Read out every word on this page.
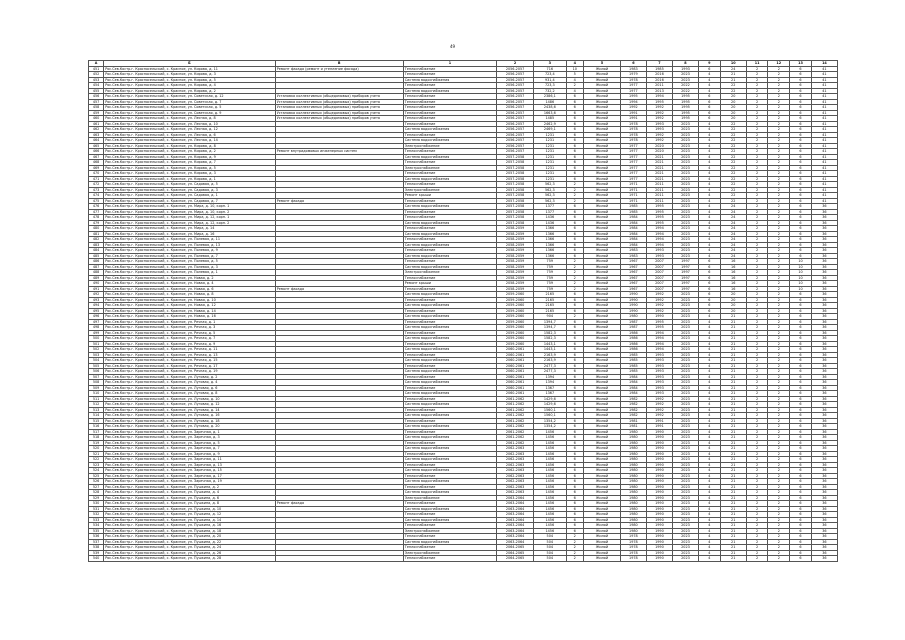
49
А	Б	В	1	2	3	4	5	6	7	8	9	10	11	12	13	14
451	Рос.Сев.Костр.г. Красносельский, с. Красное, ул. Кирова, д. 11	Ремонт фасада (ремонт и утепление фасада)	Теплоснабжение	2056-2057	716	10	Жилой	1983	1985	1993	6	24	2	2	6	41
452	Рос.Сев.Костр.г. Красносельский, с. Красное, ул. Кирова, д. 3		Теплоснабжение	2056-2057	723,4	5	Жилой	1979	2016	2023	4	21	2	2	6	41
453	Рос.Сев.Костр.г. Красносельский, с. Красное, ул. Кирова, д. 5		Система водоснабжения	2056-2057	931,4	4	Жилой	1978	2016	2023	4	21	2	2	6	41
454	Рос.Сев.Костр.г. Красносельский, с. Красное, ул. Кирова, д. 4		Теплоснабжение	2056-2057	723,3	2	Жилой	1977	2011	2022	4	22	2	2	6	41
455	Рос.Сев.Костр.г. Красносельский, с. Красное, ул. Кирова, д. 2		Система водоснабжения	2056-2057	732,2	4	Жилой	1977	2013	2022	4	22	2	2	6	41
456	Рос.Сев.Костр.г. Красносельский, с. Красное, ул. Советская, д. 12	Установка коллективных (общедомовых) приборов учета	Теплоснабжение	2056-2057	2386,1	6	Жилой	1995	1994	1995	6	20	2	2	6	41
457	Рос.Сев.Костр.г. Красносельский, с. Красное, ул. Советская, д. 7	Установка коллективных (общедомовых) приборов учета	Теплоснабжение	2056-2057	1486	6	Жилой	1994	1995	1995	6	20	2	2	6	41
458	Рос.Сев.Костр.г. Красносельский, с. Красное, ул. Советская, д. 5	Установка коллективных (общедомовых) приборов учета	Теплоснабжение	2056-2057	2438,6	6	Жилой	1992	1992	1995	6	20	2	2	6	41
459	Рос.Сев.Костр.г. Красносельский, с. Красное, ул. Советская, д. 9	Установка коллективных (общедомовых) приборов учета	Теплоснабжение	2056-2057	1663,6	6	Жилой	1991	1992	1995	6	20	2	2	6	41
460	Рос.Сев.Костр.г. Красносельский, с. Красное, ул. Лесная, д. 8	Установка коллективных (общедомовых) приборов учета	Теплоснабжение	2056-2057	1485	6	Жилой	1991	1992	1995	6	20	2	2	6	41
461	Рос.Сев.Костр.г. Красносельский, с. Красное, ул. Лесная, д. 10		Теплоснабжение	2056-2057	2462,9	6	Жилой	1978	1993	2023	4	22	2	2	6	41
462	Рос.Сев.Костр.г. Красносельский, с. Красное, ул. Лесная, д. 12		Система водоснабжения	2056-2057	2469,1	6	Жилой	1978	1993	2023	4	22	2	2	6	41
463	Рос.Сев.Костр.г. Красносельский, с. Красное, ул. Лесная, д. 6		Теплоснабжение	2056-2057	1231	6	Жилой	1978	1992	2023	4	22	2	2	6	41
464	Рос.Сев.Костр.г. Красносельский, с. Красное, ул. Лесная, д. 14		Система водоснабжения	2056-2057	1231	6	Жилой	1978	1992	2023	4	22	2	2	6	41
465	Рос.Сев.Костр.г. Красносельский, с. Красное, ул. Кирова, д. 8		Электроснабжение	2056-2057	1231	6	Жилой	1977	2020	2023	4	22	2	2	6	41
466	Рос.Сев.Костр.г. Красносельский, с. Красное, ул. Кирова, д. 2	Ремонт внутридомовых инженерных систем	Теплоснабжение	2056-2057	1231	6	Жилой	1977	2020	2023	4	22	2	2	6	41
467	Рос.Сев.Костр.г. Красносельский, с. Красное, ул. Кирова, д. 9		Система водоснабжения	2057-2058	1231	6	Жилой	1977	2021	2023	4	22	2	2	6	41
468	Рос.Сев.Костр.г. Красносельский, с. Красное, ул. Кирова, д. 7		Теплоснабжение	2057-2058	1231	6	Жилой	1977	2021	2023	4	22	2	2	6	41
469	Рос.Сев.Костр.г. Красносельский, с. Красное, ул. Кирова, д. 5		Электроснабжение	2057-2058	1231	6	Жилой	1977	2021	2023	4	22	2	2	6	41
470	Рос.Сев.Костр.г. Красносельский, с. Красное, ул. Кирова, д. 3		Теплоснабжение	2057-2058	1231	6	Жилой	1977	2021	2023	4	22	2	2	6	41
471	Рос.Сев.Костр.г. Красносельский, с. Красное, ул. Кирова, д. 1		Система водоснабжения	2057-2058	1231	6	Жилой	1977	2021	2023	4	22	2	2	6	41
472	Рос.Сев.Костр.г. Красносельский, с. Красное, ул. Садовая, д. 5		Теплоснабжение	2057-2058	562,3	2	Жилой	1971	2011	2023	4	22	2	2	6	41
473	Рос.Сев.Костр.г. Красносельский, с. Красное, ул. Садовая, д. 3		Электроснабжение	2057-2058	562,3	2	Жилой	1971	2011	2023	4	22	2	2	6	41
474	Рос.Сев.Костр.г. Красносельский, с. Красное, ул. Садовая, д. 1		Ремонт крыши	2057-2058	562,3	2	Жилой	1971	2011	2023	4	22	2	2	6	41
475	Рос.Сев.Костр.г. Красносельский, с. Красное, ул. Садовая, д. 7	Ремонт фасада	Теплоснабжение	2057-2058	562,3	2	Жилой	1971	2011	2023	4	22	2	2	6	41
476	Рос.Сев.Костр.г. Красносельский, с. Красное, ул. Мира, д. 10, корп. 1		Система водоснабжения	2057-2058	1377	6	Жилой	1985	1995	2023	4	24	2	2	6	36
477	Рос.Сев.Костр.г. Красносельский, с. Красное, ул. Мира, д. 10, корп. 2		Теплоснабжение	2057-2058	1377	6	Жилой	1985	1995	2023	4	24	2	2	6	36
478	Рос.Сев.Костр.г. Красносельский, с. Красное, ул. Мира, д. 12, корп. 1		Теплоснабжение	2057-2058	1436	6	Жилой	1984	1995	2023	4	24	2	2	6	36
479	Рос.Сев.Костр.г. Красносельский, с. Красное, ул. Мира, д. 12, корп. 2		Система водоснабжения	2057-2058	1436	6	Жилой	1984	1995	2023	4	24	2	2	6	36
480	Рос.Сев.Костр.г. Красносельский, с. Красное, ул. Мира, д. 14		Теплоснабжение	2058-2059	1366	6	Жилой	1984	1994	2023	4	24	2	2	6	36
481	Рос.Сев.Костр.г. Красносельский, с. Красное, ул. Мира, д. 16		Система водоснабжения	2058-2059	1366	6	Жилой	1984	1994	2023	4	24	2	2	6	36
482	Рос.Сев.Костр.г. Красносельский, с. Красное, ул. Полевая, д. 11		Теплоснабжение	2058-2059	1366	6	Жилой	1984	1994	2023	4	24	2	2	6	36
483	Рос.Сев.Костр.г. Красносельский, с. Красное, ул. Полевая, д. 13		Система водоснабжения	2058-2059	1366	6	Жилой	1984	1994	2023	4	24	2	2	6	36
484	Рос.Сев.Костр.г. Красносельский, с. Красное, ул. Полевая, д. 9		Теплоснабжение	2058-2059	1366	6	Жилой	1983	1993	2023	4	24	2	2	6	36
485	Рос.Сев.Костр.г. Красносельский, с. Красное, ул. Полевая, д. 7		Система водоснабжения	2058-2059	1366	6	Жилой	1983	1993	2023	4	24	2	2	6	36
486	Рос.Сев.Костр.г. Красносельский, с. Красное, ул. Полевая, д. 5		Теплоснабжение	2058-2059	759	2	Жилой	1967	2007	1997	6	16	2	2	10	36
487	Рос.Сев.Костр.г. Красносельский, с. Красное, ул. Полевая, д. 3		Система водоснабжения	2058-2059	759	2	Жилой	1967	2007	1997	6	16	2	2	10	36
488	Рос.Сев.Костр.г. Красносельский, с. Красное, ул. Полевая, д. 1		Электроснабжение	2058-2059	759	2	Жилой	1967	2007	1997	6	16	2	2	10	36
489	Рос.Сев.Костр.г. Красносельский, с. Красное, ул. Новая, д. 2		Теплоснабжение	2058-2059	759	2	Жилой	1967	2007	1997	6	16	2	2	10	36
490	Рос.Сев.Костр.г. Красносельский, с. Красное, ул. Новая, д. 4		Ремонт крыши	2058-2059	759	2	Жилой	1967	2007	1997	6	16	2	2	10	36
491	Рос.Сев.Костр.г. Красносельский, с. Красное, ул. Новая, д. 6	Ремонт фасада	Теплоснабжение	2058-2059	759	2	Жилой	1967	2007	1997	6	16	2	2	10	36
492	Рос.Сев.Костр.г. Красносельский, с. Красное, ул. Новая, д. 8		Система водоснабжения	2059-2060	2165	6	Жилой	1990	1992	2023	6	20	2	2	6	36
493	Рос.Сев.Костр.г. Красносельский, с. Красное, ул. Новая, д. 10		Теплоснабжение	2059-2060	2165	6	Жилой	1990	1992	2023	6	20	2	2	6	36
494	Рос.Сев.Костр.г. Красносельский, с. Красное, ул. Новая, д. 12		Система водоснабжения	2059-2060	2165	6	Жилой	1990	1992	2023	6	20	2	2	6	36
495	Рос.Сев.Костр.г. Красносельский, с. Красное, ул. Новая, д. 14		Теплоснабжение	2059-2060	2165	6	Жилой	1990	1992	2023	6	20	2	2	6	36
496	Рос.Сев.Костр.г. Красносельский, с. Красное, ул. Новая, д. 16		Система водоснабжения	2059-2060	904	2	Жилой	1980	1990	2023	4	21	2	2	6	36
497	Рос.Сев.Костр.г. Красносельский, с. Красное, ул. Речная, д. 1		Теплоснабжение	2059-2060	1394,7	6	Жилой	1987	1995	2023	4	21	2	2	6	36
498	Рос.Сев.Костр.г. Красносельский, с. Красное, ул. Речная, д. 3		Система водоснабжения	2059-2060	1394,7	6	Жилой	1987	1995	2023	4	21	2	2	6	36
499	Рос.Сев.Костр.г. Красносельский, с. Красное, ул. Речная, д. 5		Теплоснабжение	2059-2060	1582,3	6	Жилой	1986	1994	2023	4	21	2	2	6	36
500	Рос.Сев.Костр.г. Красносельский, с. Красное, ул. Речная, д. 7		Система водоснабжения	2059-2060	1582,3	6	Жилой	1986	1994	2023	4	21	2	2	6	36
501	Рос.Сев.Костр.г. Красносельский, с. Красное, ул. Речная, д. 9		Теплоснабжение	2059-2060	1443,1	6	Жилой	1986	1994	2023	4	21	2	2	6	36
502	Рос.Сев.Костр.г. Красносельский, с. Красное, ул. Речная, д. 11		Система водоснабжения	2060-2061	1443,1	6	Жилой	1986	1994	2023	4	21	2	2	6	36
503	Рос.Сев.Костр.г. Красносельский, с. Красное, ул. Речная, д. 13		Теплоснабжение	2060-2061	2163,9	6	Жилой	1985	1993	2023	4	21	2	2	6	36
504	Рос.Сев.Костр.г. Красносельский, с. Красное, ул. Речная, д. 15		Система водоснабжения	2060-2061	2163,9	6	Жилой	1985	1993	2023	4	21	2	2	6	36
505	Рос.Сев.Костр.г. Красносельский, с. Красное, ул. Речная, д. 17		Теплоснабжение	2060-2061	2477,3	6	Жилой	1985	1993	2023	4	21	2	2	6	36
506	Рос.Сев.Костр.г. Красносельский, с. Красное, ул. Речная, д. 19		Система водоснабжения	2060-2061	2477,3	6	Жилой	1985	1993	2023	4	21	2	2	6	36
507	Рос.Сев.Костр.г. Красносельский, с. Красное, ул. Луговая, д. 2		Теплоснабжение	2060-2061	1394	6	Жилой	1984	1993	2023	4	21	2	2	6	36
508	Рос.Сев.Костр.г. Красносельский, с. Красное, ул. Луговая, д. 4		Система водоснабжения	2060-2061	1394	6	Жилой	1984	1993	2023	4	21	2	2	6	36
509	Рос.Сев.Костр.г. Красносельский, с. Красное, ул. Луговая, д. 6		Теплоснабжение	2060-2061	1367	6	Жилой	1984	1993	2023	4	21	2	2	6	36
510	Рос.Сев.Костр.г. Красносельский, с. Красное, ул. Луговая, д. 8		Система водоснабжения	2060-2061	1367	6	Жилой	1984	1993	2023	4	21	2	2	6	36
511	Рос.Сев.Костр.г. Красносельский, с. Красное, ул. Луговая, д. 10		Теплоснабжение	2061-2062	1429,6	6	Жилой	1982	1992	2023	4	21	2	2	6	36
512	Рос.Сев.Костр.г. Красносельский, с. Красное, ул. Луговая, д. 12		Система водоснабжения	2061-2062	1429,6	6	Жилой	1982	1992	2023	4	21	2	2	6	36
513	Рос.Сев.Костр.г. Красносельский, с. Красное, ул. Луговая, д. 14		Теплоснабжение	2061-2062	1560,1	6	Жилой	1982	1992	2023	4	21	2	2	6	36
514	Рос.Сев.Костр.г. Красносельский, с. Красное, ул. Луговая, д. 16		Система водоснабжения	2061-2062	1560,1	6	Жилой	1982	1992	2023	4	21	2	2	6	36
515	Рос.Сев.Костр.г. Красносельский, с. Красное, ул. Луговая, д. 18		Теплоснабжение	2061-2062	1354,2	6	Жилой	1981	1991	2023	4	21	2	2	6	36
516	Рос.Сев.Костр.г. Красносельский, с. Красное, ул. Луговая, д. 20		Система водоснабжения	2061-2062	1354,2	6	Жилой	1981	1991	2023	4	21	2	2	6	36
517	Рос.Сев.Костр.г. Красносельский, с. Красное, ул. Заречная, д. 1		Теплоснабжение	2061-2062	1456	6	Жилой	1980	1990	2023	4	21	2	2	6	36
518	Рос.Сев.Костр.г. Красносельский, с. Красное, ул. Заречная, д. 3		Система водоснабжения	2061-2062	1456	6	Жилой	1980	1990	2023	4	21	2	2	6	36
519	Рос.Сев.Костр.г. Красносельский, с. Красное, ул. Заречная, д. 5		Теплоснабжение	2061-2062	1456	6	Жилой	1980	1990	2023	4	21	2	2	6	36
520	Рос.Сев.Костр.г. Красносельский, с. Красное, ул. Заречная, д. 7		Система водоснабжения	2062-2063	1456	6	Жилой	1980	1990	2023	4	21	2	2	6	36
521	Рос.Сев.Костр.г. Красносельский, с. Красное, ул. Заречная, д. 9		Теплоснабжение	2062-2063	1456	6	Жилой	1980	1990	2023	4	21	2	2	6	36
522	Рос.Сев.Костр.г. Красносельский, с. Красное, ул. Заречная, д. 11		Система водоснабжения	2062-2063	1456	6	Жилой	1980	1990	2023	4	21	2	2	6	36
523	Рос.Сев.Костр.г. Красносельский, с. Красное, ул. Заречная, д. 13		Теплоснабжение	2062-2063	1456	6	Жилой	1980	1990	2023	4	21	2	2	6	36
524	Рос.Сев.Костр.г. Красносельский, с. Красное, ул. Заречная, д. 15		Система водоснабжения	2062-2063	1456	6	Жилой	1980	1990	2023	4	21	2	2	6	36
525	Рос.Сев.Костр.г. Красносельский, с. Красное, ул. Заречная, д. 17		Теплоснабжение	2062-2063	1456	6	Жилой	1980	1990	2023	4	21	2	2	6	36
526	Рос.Сев.Костр.г. Красносельский, с. Красное, ул. Заречная, д. 19		Система водоснабжения	2062-2063	1456	6	Жилой	1980	1990	2023	4	21	2	2	6	36
527	Рос.Сев.Костр.г. Красносельский, с. Красное, ул. Пушкина, д. 2		Теплоснабжение	2062-2063	1456	6	Жилой	1980	1990	2023	4	21	2	2	6	36
528	Рос.Сев.Костр.г. Красносельский, с. Красное, ул. Пушкина, д. 4		Система водоснабжения	2062-2063	1456	6	Жилой	1980	1990	2023	4	21	2	2	6	36
529	Рос.Сев.Костр.г. Красносельский, с. Красное, ул. Пушкина, д. 6		Электроснабжение	2063-2064	1456	6	Жилой	1980	1990	2023	4	21	2	2	6	36
530	Рос.Сев.Костр.г. Красносельский, с. Красное, ул. Пушкина, д. 8	Ремонт фасада	Теплоснабжение	2063-2064	1456	6	Жилой	1980	1990	2023	4	21	2	2	6	36
531	Рос.Сев.Костр.г. Красносельский, с. Красное, ул. Пушкина, д. 10		Система водоснабжения	2063-2064	1456	6	Жилой	1980	1990	2023	4	21	2	2	6	36
532	Рос.Сев.Костр.г. Красносельский, с. Красное, ул. Пушкина, д. 12		Теплоснабжение	2063-2064	1456	6	Жилой	1980	1990	2023	4	21	2	2	6	36
533	Рос.Сев.Костр.г. Красносельский, с. Красное, ул. Пушкина, д. 14		Система водоснабжения	2063-2064	1456	6	Жилой	1980	1990	2023	4	21	2	2	6	36
534	Рос.Сев.Костр.г. Красносельский, с. Красное, ул. Пушкина, д. 16		Теплоснабжение	2063-2064	1456	6	Жилой	1980	1990	2023	4	21	2	2	6	36
535	Рос.Сев.Костр.г. Красносельский, с. Красное, ул. Пушкина, д. 18		Электроснабжение	2063-2064	1456	6	Жилой	1980	1990	2023	4	21	2	2	6	36
536	Рос.Сев.Костр.г. Красносельский, с. Красное, ул. Пушкина, д. 20		Теплоснабжение	2063-2064	504	2	Жилой	1978	1990	2023	4	21	2	2	6	36
537	Рос.Сев.Костр.г. Красносельский, с. Красное, ул. Пушкина, д. 22		Система водоснабжения	2063-2064	504	2	Жилой	1978	1990	2023	4	21	2	2	6	36
538	Рос.Сев.Костр.г. Красносельский, с. Красное, ул. Пушкина, д. 24		Теплоснабжение	2064-2065	504	2	Жилой	1978	1990	2023	4	21	2	2	6	36
539	Рос.Сев.Костр.г. Красносельский, с. Красное, ул. Пушкина, д. 26		Электроснабжение	2064-2065	504	2	Жилой	1978	1990	2023	4	21	2	2	6	36
540	Рос.Сев.Костр.г. Красносельский, с. Красное, ул. Пушкина, д. 28		Теплоснабжение	2064-2065	504	2	Жилой	1978	1990	2023	4	21	2	2	6	36
